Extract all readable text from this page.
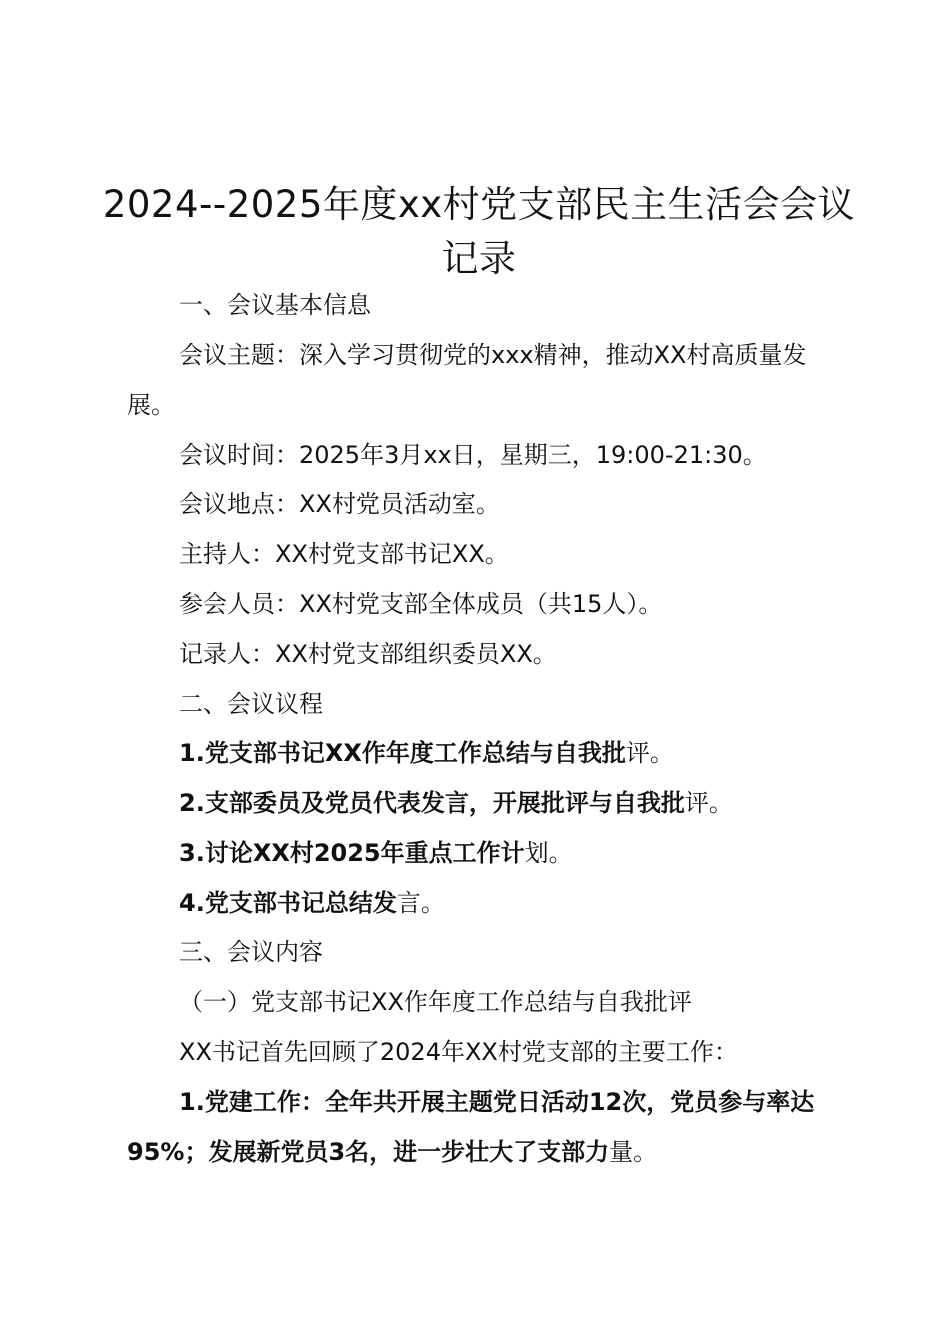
2024--2025年度xx村党支部民主生活会会议记录

一、会议基本信息

会议主题：深入学习贯彻党的xxx精神，推动XX村高质量发展。

会议时间：2025年3月xx日，星期三，19:00-21:30。

会议地点：XX村党员活动室。

主持人：XX村党支部书记XX。

参会人员：XX村党支部全体成员（共15人）。

记录人：XX村党支部组织委员XX。

二、会议议程

1.党支部书记XX作年度工作总结与自我批评。

2.支部委员及党员代表发言，开展批评与自我批评。

3.讨论XX村2025年重点工作计划。

4.党支部书记总结发言。

三、会议内容

（一）党支部书记XX作年度工作总结与自我批评

XX书记首先回顾了2024年XX村党支部的主要工作：

1.党建工作：全年共开展主题党日活动12次，党员参与率达95%；发展新党员3名，进一步壮大了支部力量。
